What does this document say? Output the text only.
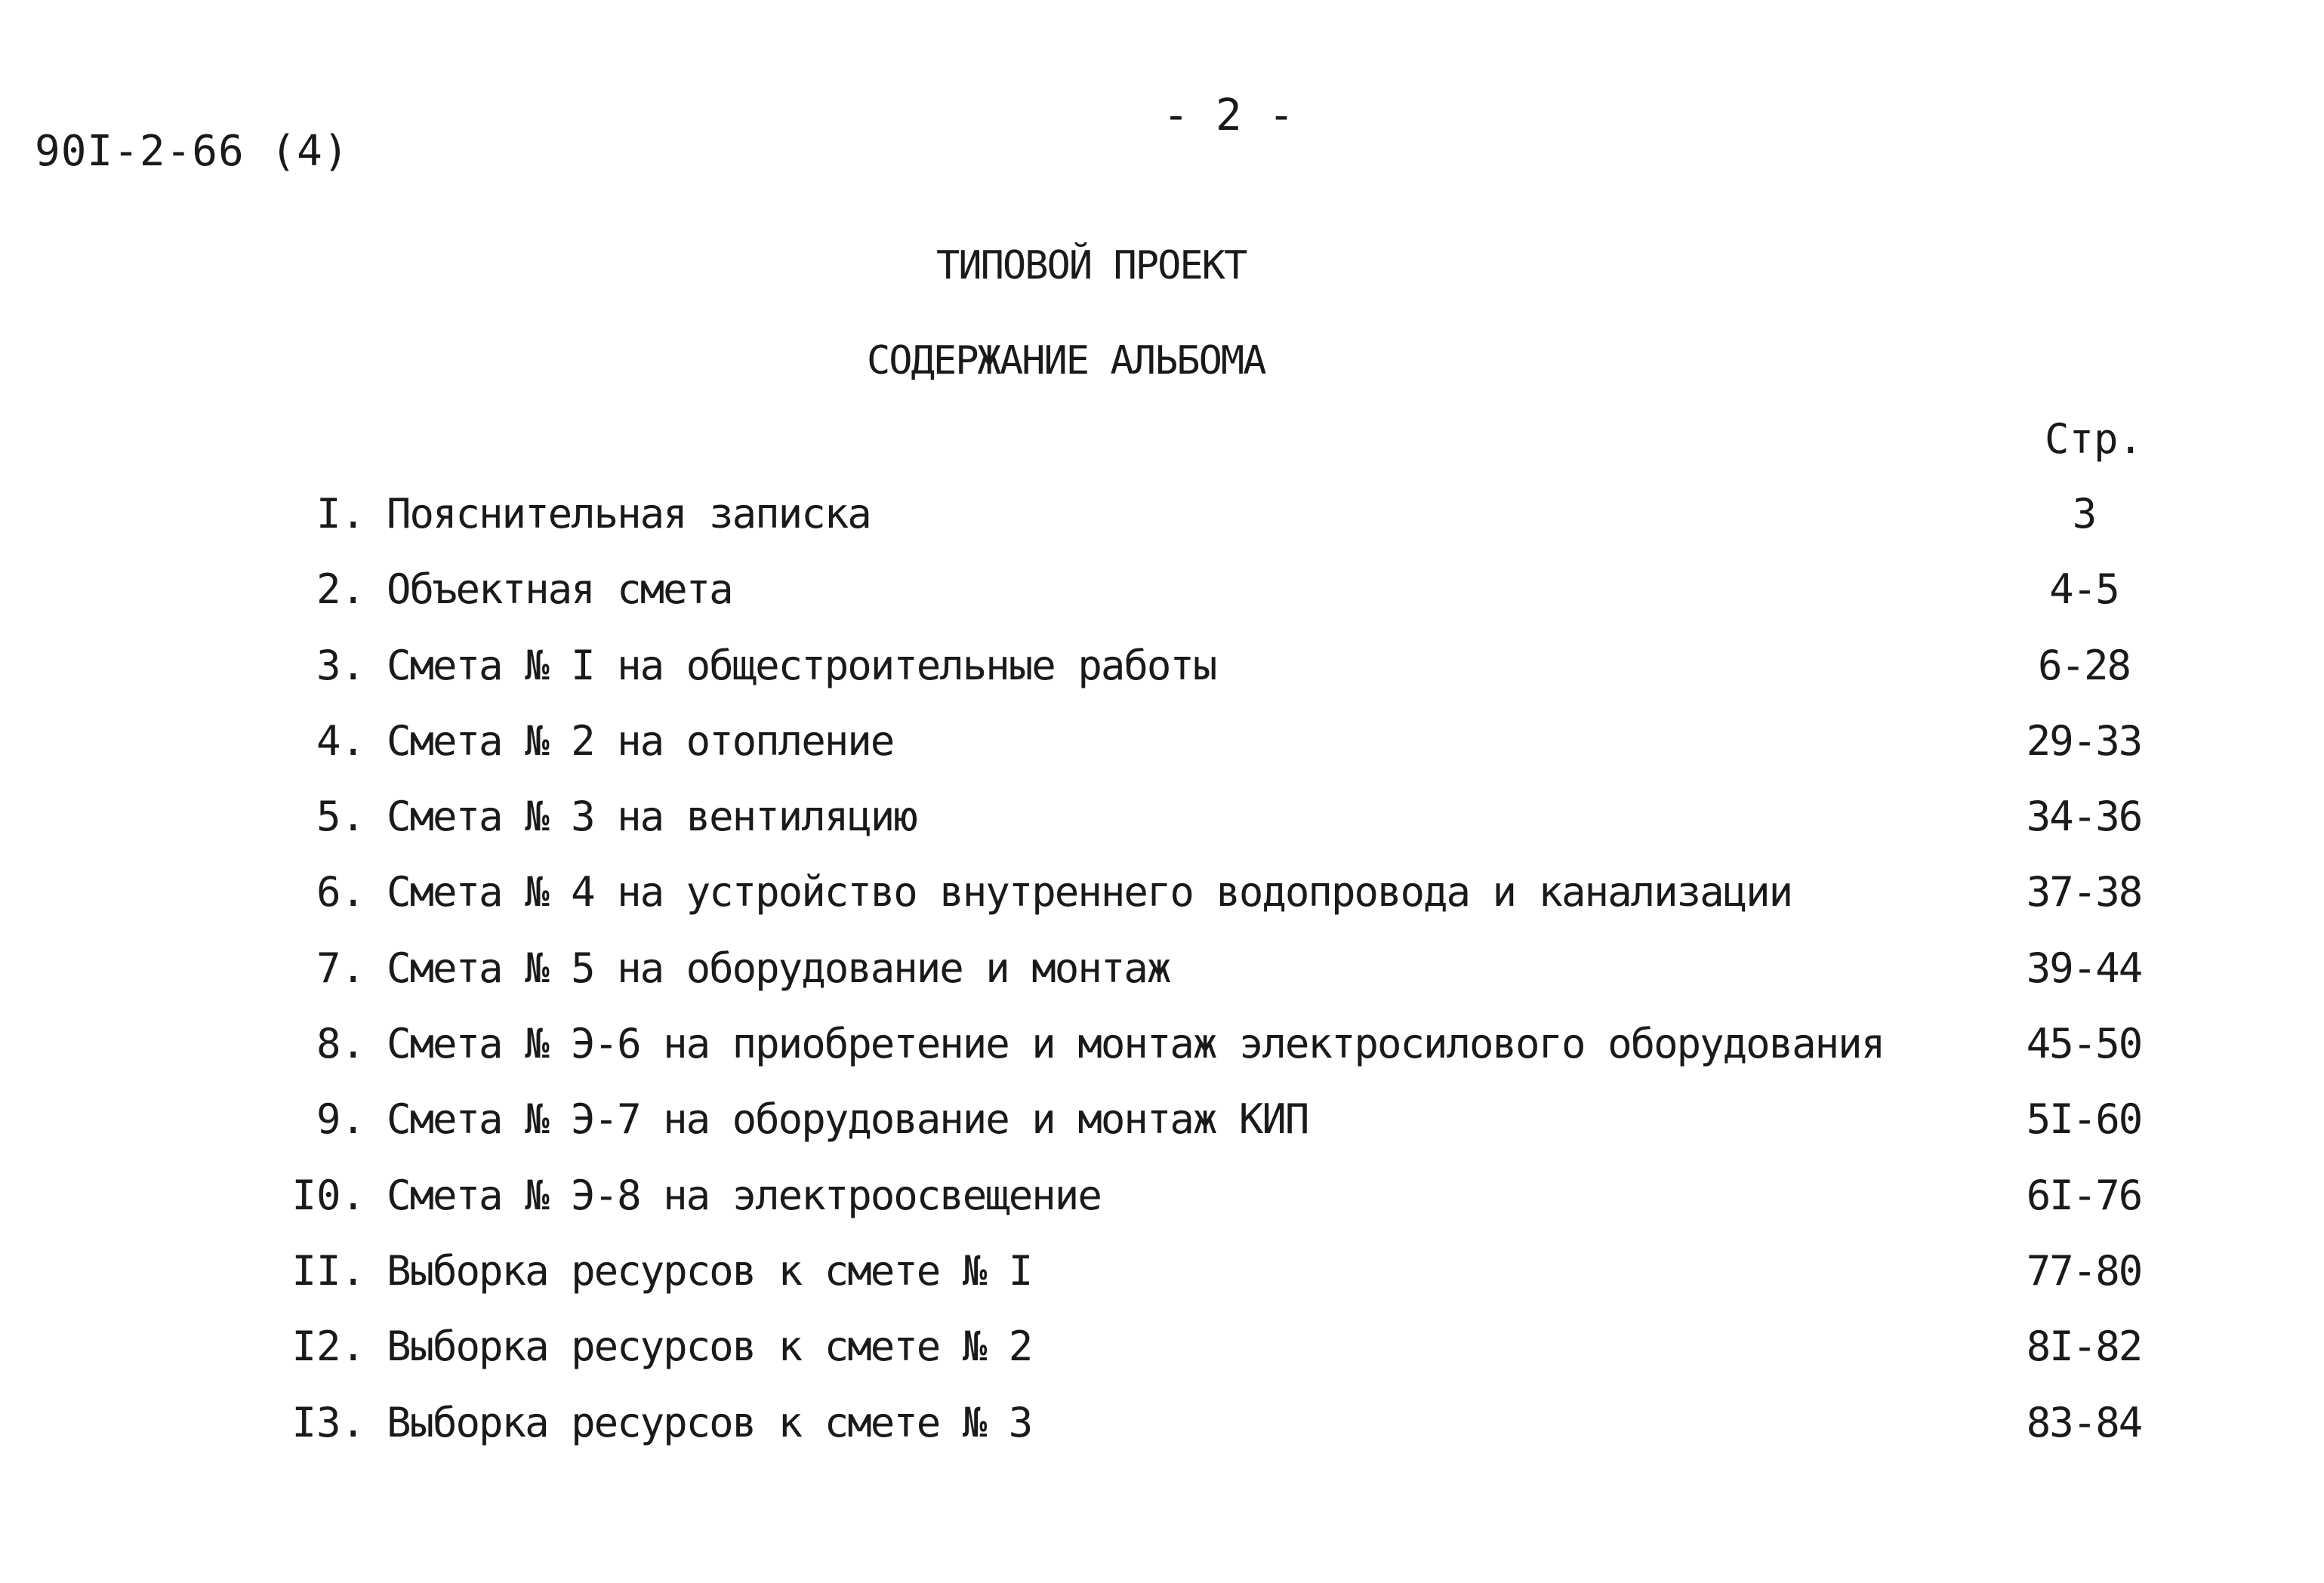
90I-2-66 (4)
- 2 -
ТИПОВОЙ ПРОЕКТ
СОДЕРЖАНИЕ АЛЬБОМА
Стр.
I. Пояснительная записка	3
2. Объектная смета	4-5
3. Смета № I на общестроительные работы	6-28
4. Смета № 2 на отопление	29-33
5. Смета № 3 на вентиляцию	34-36
6. Смета № 4 на устройство внутреннего водопровода и канализации	37-38
7. Смета № 5 на оборудование и монтаж	39-44
8. Смета № Э-6 на приобретение и монтаж электросилового оборудования	45-50
9. Смета № Э-7 на оборудование и монтаж КИП	5I-60
I0. Смета № Э-8 на электроосвещение	6I-76
II. Выборка ресурсов к смете № I	77-80
I2. Выборка ресурсов к смете № 2	8I-82
I3. Выборка ресурсов к смете № 3	83-84
